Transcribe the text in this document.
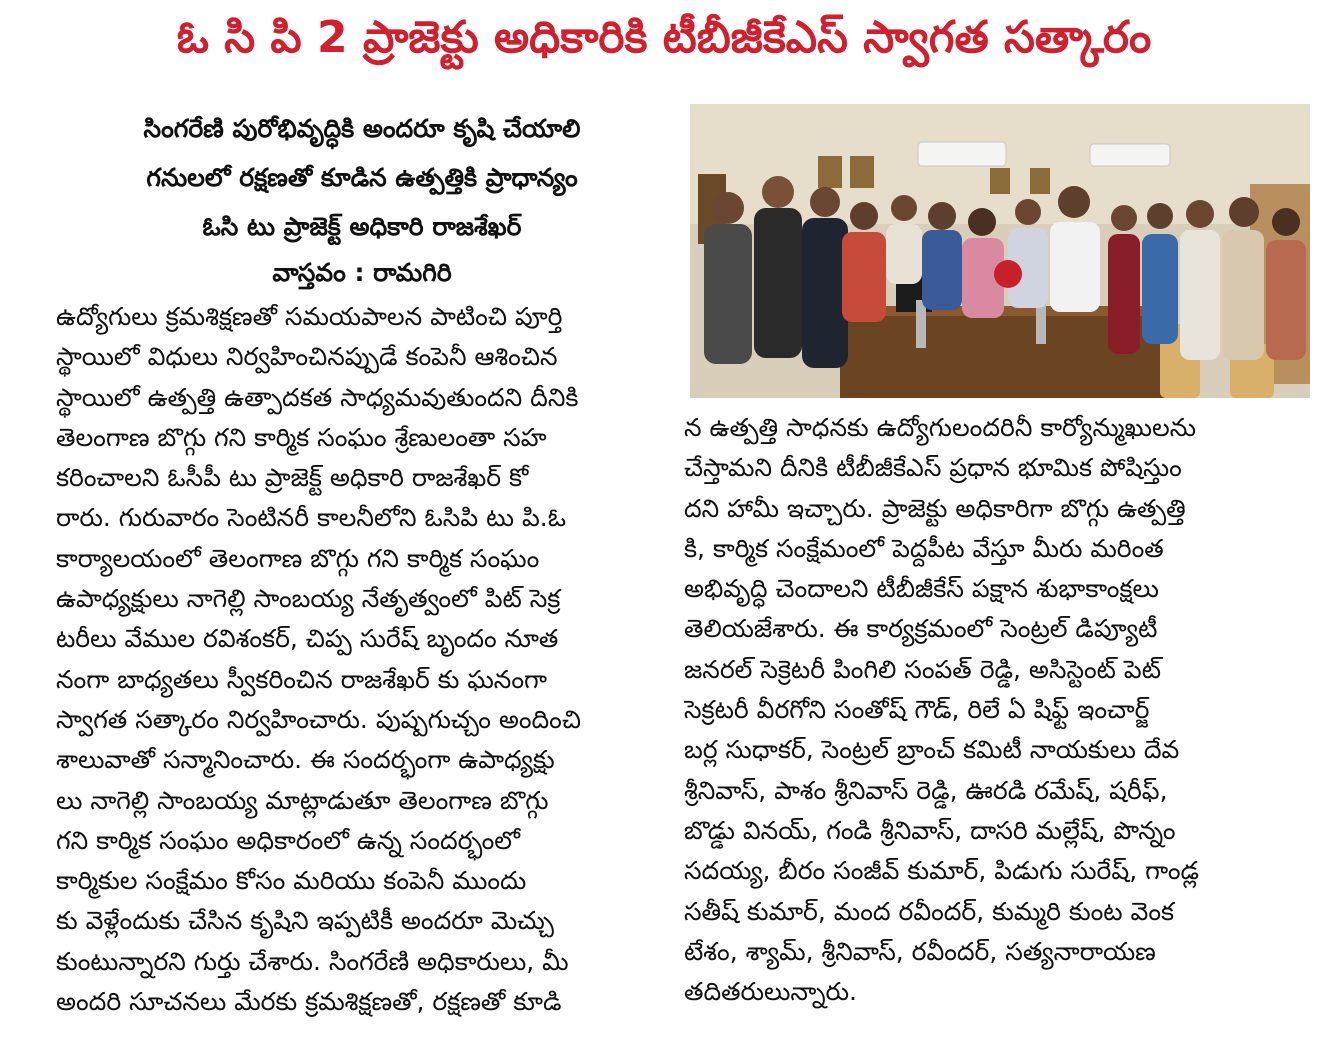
ఓ సి పి 2 ప్రాజెక్టు అధికారికి టీబీజీకేఎస్ స్వాగత సత్కారం
సింగరేణి పురోభివృద్ధికి అందరూ కృషి చేయాలి
గనులలో రక్షణతో కూడిన ఉత్పత్తికి ప్రాధాన్యం
ఓసి టు ప్రాజెక్ట్ అధికారి రాజశేఖర్
వాస్తవం : రామగిరి

ఉద్యోగులు క్రమశిక్షణతో సమయపాలన పాటించి పూర్తి

స్థాయిలో విధులు నిర్వహించినప్పుడే కంపెనీ ఆశించిన

స్థాయిలో ఉత్పత్తి ఉత్పాదకత సాధ్యమవుతుందని దీనికి

తెలంగాణ బొగ్గు గని కార్మిక సంఘం శ్రేణులంతా సహ

కరించాలని ఓసీపీ టు ప్రాజెక్ట్ అధికారి రాజశేఖర్ కో

రారు. గురువారం సెంటినరీ కాలనీలోని ఓసిపి టు పి.ఓ

కార్యాలయంలో తెలంగాణ బొగ్గు గని కార్మిక సంఘం

ఉపాధ్యక్షులు నాగెల్లి సాంబయ్య నేతృత్వంలో పిట్ సెక్ర

టరీలు వేముల రవిశంకర్, చిప్ప సురేష్ బృందం నూత

నంగా బాధ్యతలు స్వీకరించిన రాజశేఖర్ కు ఘనంగా

స్వాగత సత్కారం నిర్వహించారు. పుష్పగుచ్చం అందించి

శాలువాతో సన్మానించారు. ఈ సందర్భంగా ఉపాధ్యక్షు

లు నాగెల్లి సాంబయ్య మాట్లాడుతూ తెలంగాణ బొగ్గు

గని కార్మిక సంఘం అధికారంలో ఉన్న సందర్భంలో

కార్మికుల సంక్షేమం కోసం మరియు కంపెనీ ముందు

కు వెళ్లేందుకు చేసిన కృషిని ఇప్పటికీ అందరూ మెచ్చు

కుంటున్నారని గుర్తు చేశారు. సింగరేణి అధికారులు, మీ

అందరి సూచనలు మేరకు క్రమశిక్షణతో, రక్షణతో కూడి

న ఉత్పత్తి సాధనకు ఉద్యోగులందరినీ కార్యోన్ముఖులను

చేస్తామని దీనికి టీబీజీకేఎస్ ప్రధాన భూమిక పోషిస్తుం

దని హామీ ఇచ్చారు. ప్రాజెక్టు అధికారిగా బొగ్గు ఉత్పత్తి

కి, కార్మిక సంక్షేమంలో పెద్దపీట వేస్తూ మీరు మరింత

అభివృద్ధి చెందాలని టీబీజీకేస్ పక్షాన శుభాకాంక్షలు

తెలియజేశారు. ఈ కార్యక్రమంలో సెంట్రల్ డిప్యూటీ

జనరల్ సెక్రెటరీ పింగిలి సంపత్ రెడ్డి, అసిస్టెంట్ పెట్

సెక్రటరీ వీరగోని సంతోష్ గౌడ్, రిలే ఏ షిఫ్ట్ ఇంచార్జ్

బర్ల సుధాకర్, సెంట్రల్ బ్రాంచ్ కమిటీ నాయకులు దేవ

శ్రీనివాస్, పాశం శ్రీనివాస్ రెడ్డి, ఊరడి రమేష్, షరీఫ్,

బొడ్డు వినయ్, గండి శ్రీనివాస్, దాసరి మల్లేష్, పొన్నం

సదయ్య, బీరం సంజీవ్ కుమార్, పిడుగు సురేష్, గాండ్ల

సతీష్ కుమార్, మంద రవీందర్, కుమ్మరి కుంట వెంక

టేశం, శ్యామ్, శ్రీనివాస్, రవీందర్, సత్యనారాయణ

తదితరులున్నారు.
